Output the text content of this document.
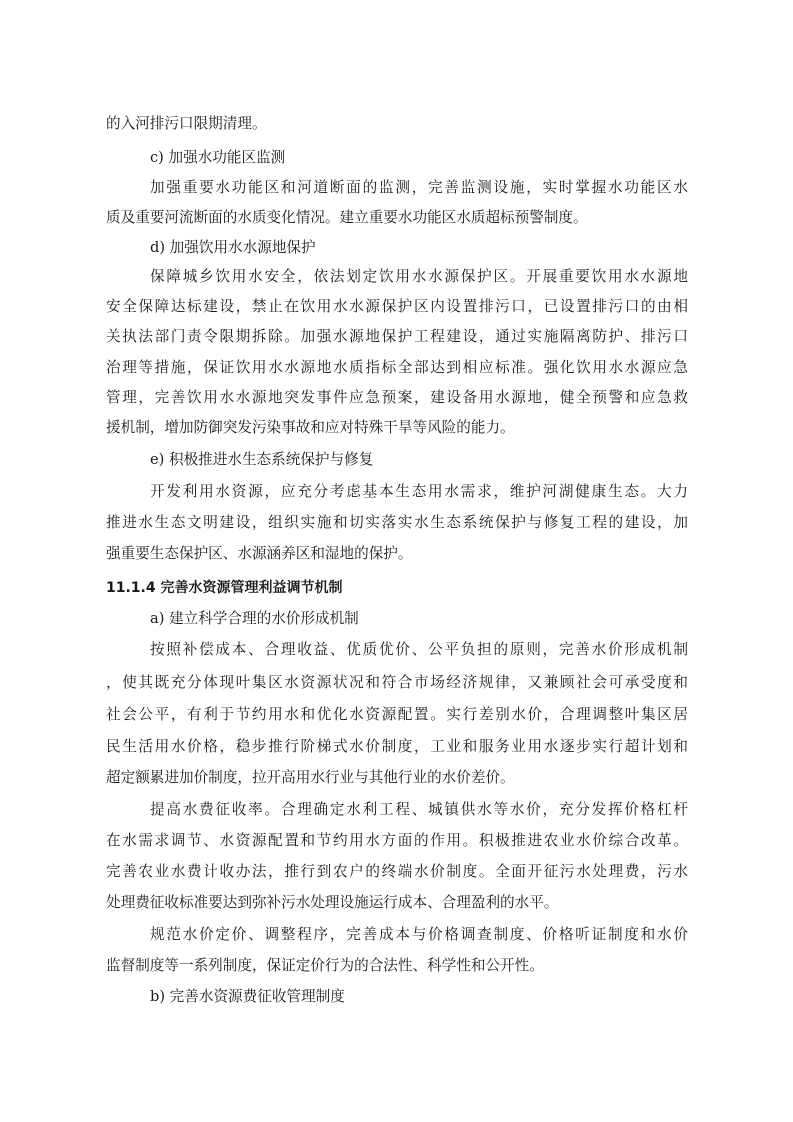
的入河排污口限期清理。
c) 加强水功能区监测
加强重要水功能区和河道断面的监测，完善监测设施，实时掌握水功能区水
质及重要河流断面的水质变化情况。建立重要水功能区水质超标预警制度。
d) 加强饮用水水源地保护
保障城乡饮用水安全，依法划定饮用水水源保护区。开展重要饮用水水源地
安全保障达标建设，禁止在饮用水水源保护区内设置排污口，已设置排污口的由相
关执法部门责令限期拆除。加强水源地保护工程建设，通过实施隔离防护、排污口
治理等措施，保证饮用水水源地水质指标全部达到相应标准。强化饮用水水源应急
管理，完善饮用水水源地突发事件应急预案，建设备用水源地，健全预警和应急救
援机制，增加防御突发污染事故和应对特殊干旱等风险的能力。
e) 积极推进水生态系统保护与修复
开发利用水资源，应充分考虑基本生态用水需求，维护河湖健康生态。大力
推进水生态文明建设，组织实施和切实落实水生态系统保护与修复工程的建设，加
强重要生态保护区、水源涵养区和湿地的保护。
11.1.4 完善水资源管理利益调节机制
a) 建立科学合理的水价形成机制
按照补偿成本、合理收益、优质优价、公平负担的原则，完善水价形成机制
，使其既充分体现叶集区水资源状况和符合市场经济规律，又兼顾社会可承受度和
社会公平，有利于节约用水和优化水资源配置。实行差别水价，合理调整叶集区居
民生活用水价格，稳步推行阶梯式水价制度，工业和服务业用水逐步实行超计划和
超定额累进加价制度，拉开高用水行业与其他行业的水价差价。
提高水费征收率。合理确定水利工程、城镇供水等水价，充分发挥价格杠杆
在水需求调节、水资源配置和节约用水方面的作用。积极推进农业水价综合改革。
完善农业水费计收办法，推行到农户的终端水价制度。全面开征污水处理费，污水
处理费征收标准要达到弥补污水处理设施运行成本、合理盈利的水平。
规范水价定价、调整程序，完善成本与价格调查制度、价格听证制度和水价
监督制度等一系列制度，保证定价行为的合法性、科学性和公开性。
b) 完善水资源费征收管理制度
